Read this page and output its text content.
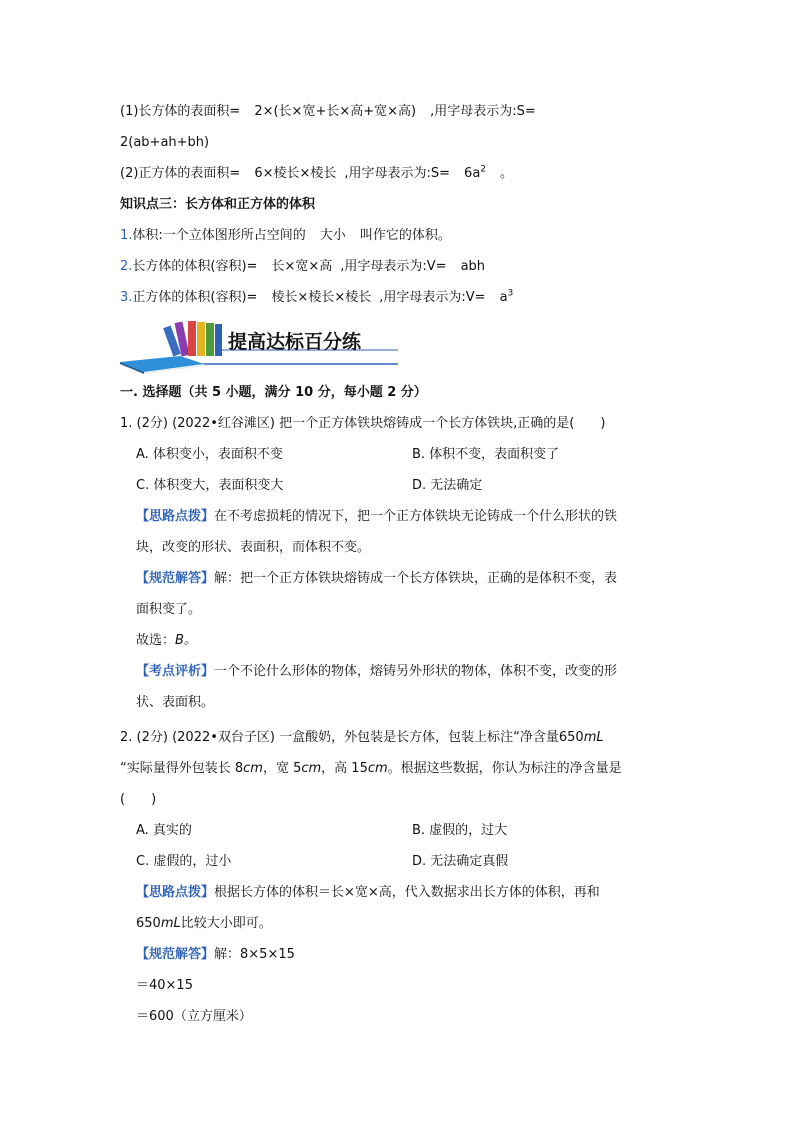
(1)长方体的表面积= 2×(长×宽+长×高+宽×高) ,用字母表示为:S=
2(ab+ah+bh)
(2)正方体的表面积= 6×棱长×棱长 ,用字母表示为:S= $6a^2$ 。
知识点三：长方体和正方体的体积
1.体积:一个立体图形所占空间的 大小 叫作它的体积。
2.长方体的体积(容积)= 长×宽×高 ,用字母表示为:V= abh
3.正方体的体积(容积)= 棱长×棱长×棱长 ,用字母表示为:V= $a^3$
提高达标百分练
一. 选择题（共 5 小题，满分 10 分，每小题 2 分）
1. (2分) (2022•红谷滩区) 把一个正方体铁块熔铸成一个长方体铁块,正确的是(　　)
A. 体积变小，表面积不变	B. 体积不变，表面积变了
C. 体积变大，表面积变大	D. 无法确定
【思路点拨】在不考虑损耗的情况下，把一个正方体铁块无论铸成一个什么形状的铁
块，改变的形状、表面积，而体积不变。
【规范解答】解：把一个正方体铁块熔铸成一个长方体铁块，正确的是体积不变，表
面积变了。
故选：B。
【考点评析】一个不论什么形体的物体，熔铸另外形状的物体，体积不变，改变的形
状、表面积。
2. (2分) (2022•双台子区) 一盒酸奶，外包装是长方体，包装上标注“净含量650mL
“实际量得外包装长 8cm，宽 5cm，高 15cm。根据这些数据，你认为标注的净含量是
(　　)
A. 真实的	B. 虚假的，过大
C. 虚假的，过小	D. 无法确定真假
【思路点拨】根据长方体的体积＝长×宽×高，代入数据求出长方体的体积，再和
650mL比较大小即可。
【规范解答】解：8×5×15
＝40×15
＝600（立方厘米）
